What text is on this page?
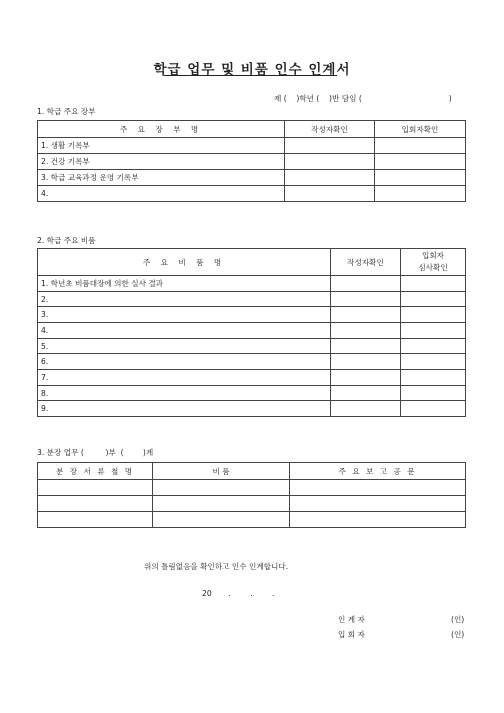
학급 업무 및 비품 인수 인계서
제 (    )학년 (    )반 담임 (                                    )
1. 학급 주요 장부
주 요 장 부 명	작성자확인	입회자확인
1. 생활 기록부		
2. 건강 기록부		
3. 학급 교육과정 운영 기록부		
4.		
2. 학급 주요 비품
주 요 비 품 명	작성자확인	입회자
심사확인

1. 학년초 비품대장에 의한 실사 결과		
2.		
3.		
4.		
5.		
6.		
7.		
8.		
9.		
3. 분장 업무 (         )부  (        )계
분 장 서 류 철 명	비 품	주 요 보 고 공 문

위의 틀림없음을 확인하고 인수 인계합니다.
20       .        .        .
인 계 자	(인)
입 회 자	(인)
